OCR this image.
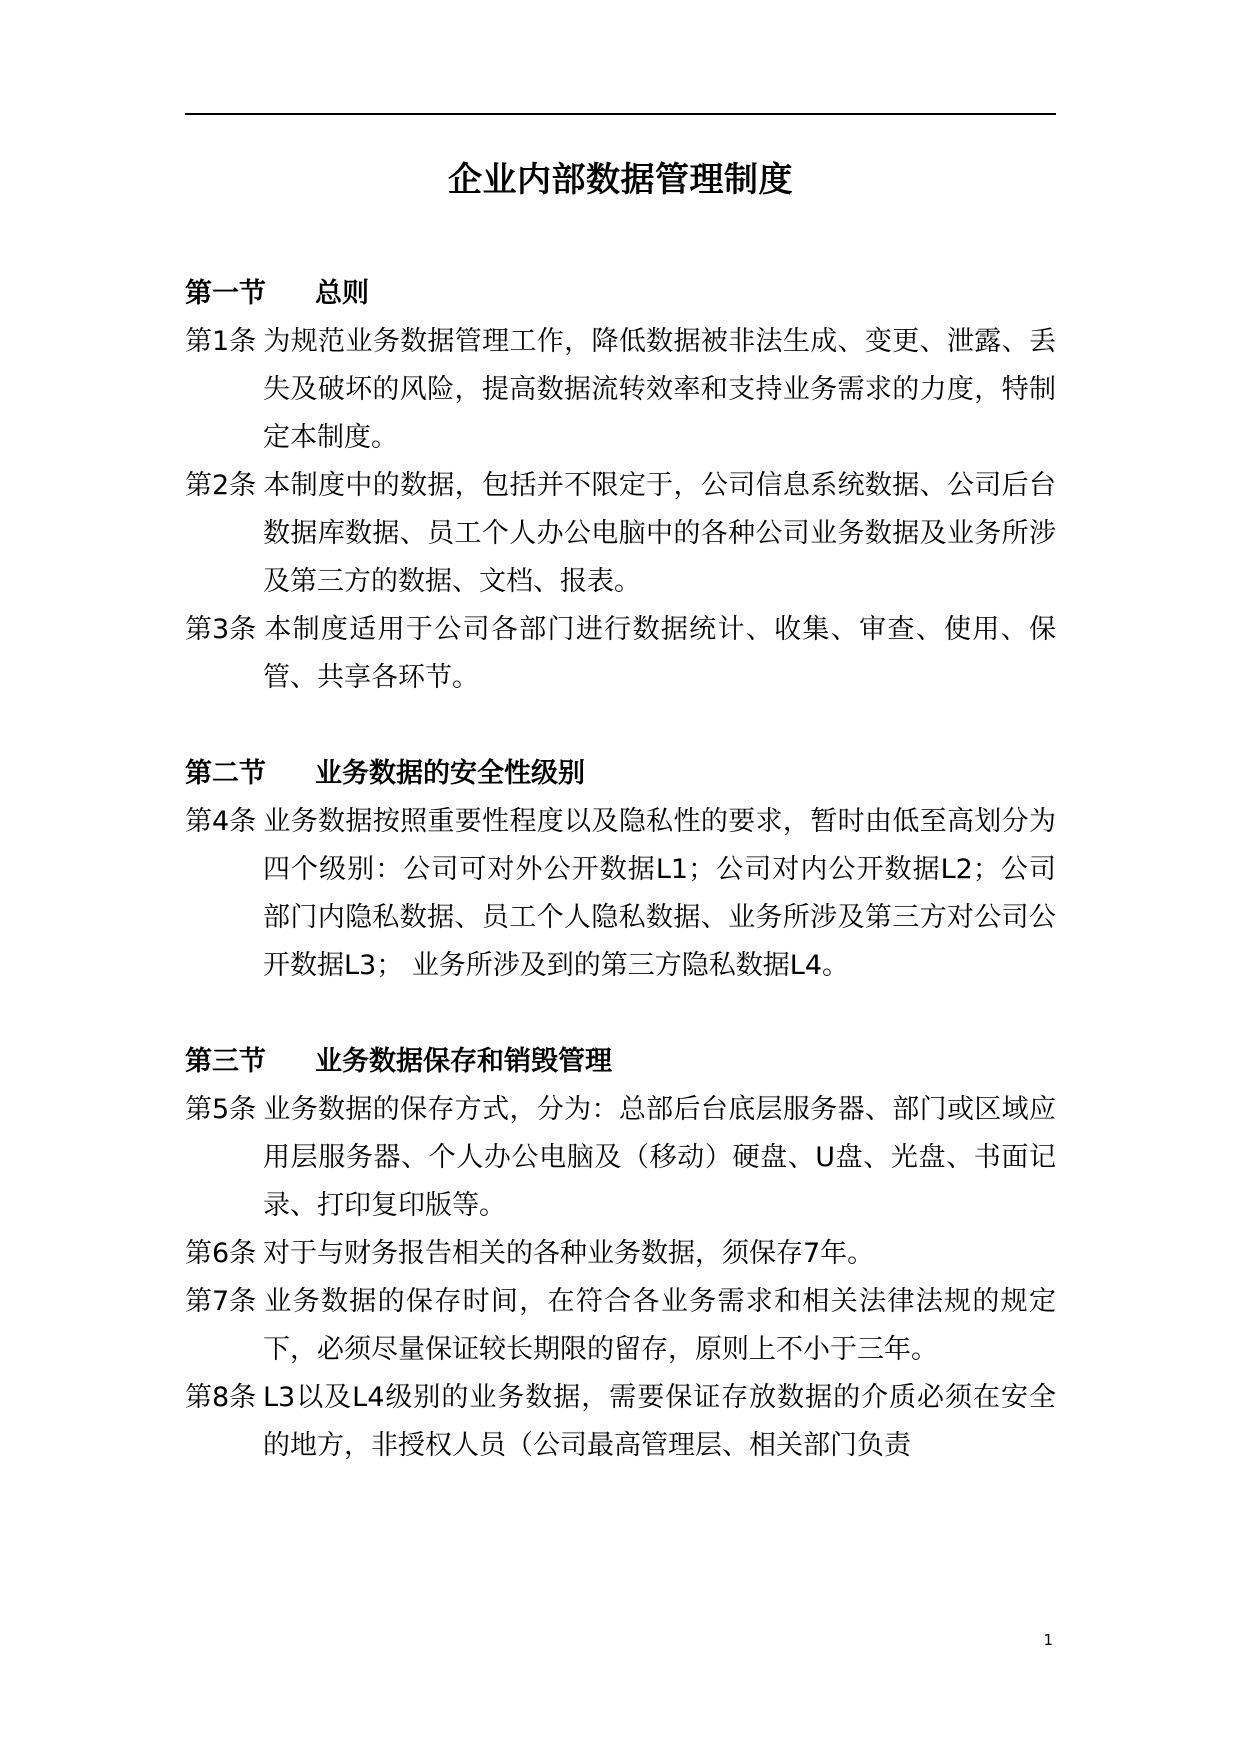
企业内部数据管理制度
第一节 总则
第1条 为规范业务数据管理工作，降低数据被非法生成、变更、泄露、丢失及破坏的风险，提高数据流转效率和支持业务需求的力度，特制定本制度。
第2条 本制度中的数据，包括并不限定于，公司信息系统数据、公司后台数据库数据、员工个人办公电脑中的各种公司业务数据及业务所涉及第三方的数据、文档、报表。
第3条 本制度适用于公司各部门进行数据统计、收集、审查、使用、保管、共享各环节。
第二节 业务数据的安全性级别
第4条 业务数据按照重要性程度以及隐私性的要求，暂时由低至高划分为四个级别：公司可对外公开数据L1；公司对内公开数据L2；公司部门内隐私数据、员工个人隐私数据、业务所涉及第三方对公司公开数据L3； 业务所涉及到的第三方隐私数据L4。
第三节 业务数据保存和销毁管理
第5条 业务数据的保存方式，分为：总部后台底层服务器、部门或区域应用层服务器、个人办公电脑及（移动）硬盘、U盘、光盘、书面记录、打印复印版等。
第6条 对于与财务报告相关的各种业务数据，须保存7年。
第7条 业务数据的保存时间，在符合各业务需求和相关法律法规的规定下，必须尽量保证较长期限的留存，原则上不小于三年。
第8条 L3以及L4级别的业务数据，需要保证存放数据的介质必须在安全的地方，非授权人员（公司最高管理层、相关部门负责
1
